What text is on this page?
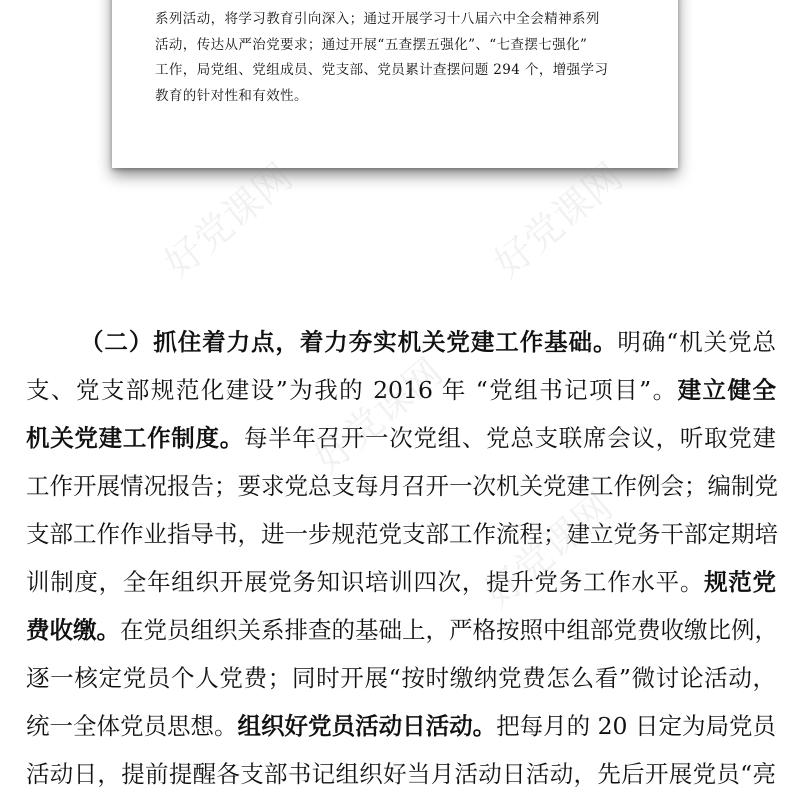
系列活动，将学习教育引向深入；通过开展学习十八届六中全会精神系列
活动，传达从严治党要求；通过开展“五查摆五强化”、“七查摆七强化”
工作，局党组、党组成员、党支部、党员累计查摆问题 294 个，增强学习
教育的针对性和有效性。
好党课网	好党课网
好党课网
好党课网
（二）抓住着力点，着力夯实机关党建工作基础。明确“机关党总
支、党支部规范化建设”为我的 2016 年 “党组书记项目”。建立健全
机关党建工作制度。每半年召开一次党组、党总支联席会议，听取党建
工作开展情况报告；要求党总支每月召开一次机关党建工作例会；编制党
支部工作作业指导书，进一步规范党支部工作流程；建立党务干部定期培
训制度，全年组织开展党务知识培训四次，提升党务工作水平。规范党
费收缴。在党员组织关系排查的基础上，严格按照中组部党费收缴比例，
逐一核定党员个人党费；同时开展“按时缴纳党费怎么看”微讨论活动，
统一全体党员思想。组织好党员活动日活动。把每月的 20 日定为局党员
活动日，提前提醒各支部书记组织好当月活动日活动，先后开展党员“亮
